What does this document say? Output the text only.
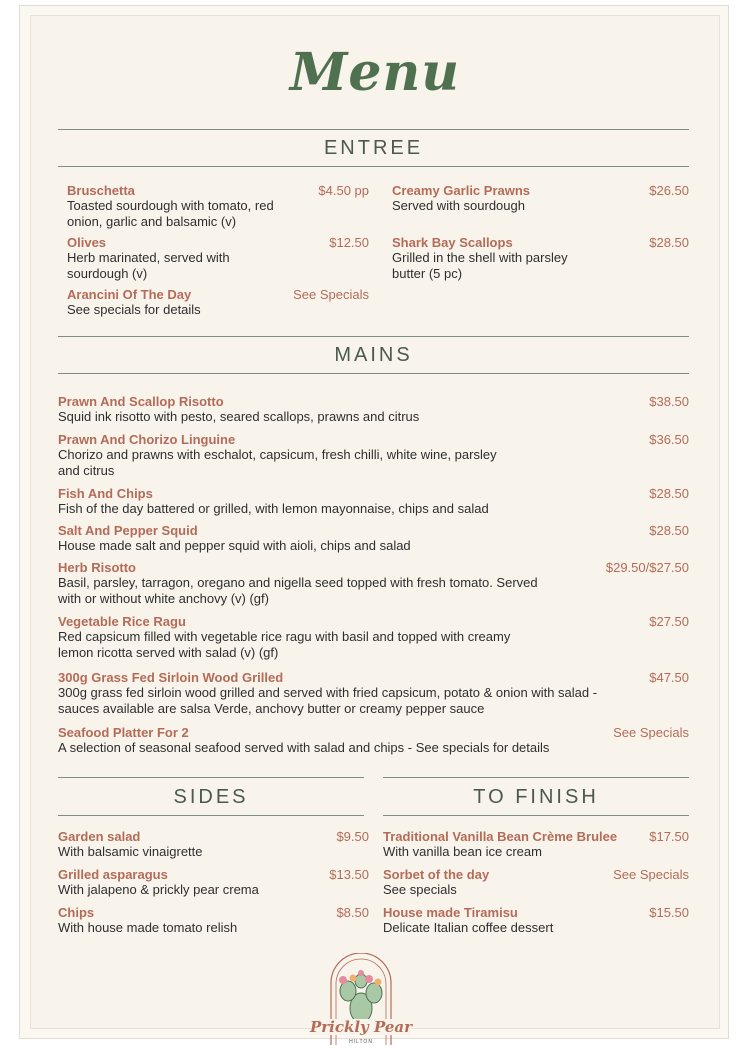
Menu
ENTREE
Bruschetta	$4.50 pp
Toasted sourdough with tomato, red onion, garlic and balsamic (v)
Olives	$12.50
Herb marinated, served with sourdough (v)
Arancini Of The Day	See Specials
See specials for details
Creamy Garlic Prawns	$26.50
Served with sourdough
Shark Bay Scallops	$28.50
Grilled in the shell with parsley butter (5 pc)
MAINS
Prawn And Scallop Risotto	$38.50
Squid ink risotto with pesto, seared scallops, prawns and citrus
Prawn And Chorizo Linguine	$36.50
Chorizo and prawns with eschalot, capsicum, fresh chilli, white wine, parsley and citrus
Fish And Chips	$28.50
Fish of the day battered or grilled, with lemon mayonnaise, chips and salad
Salt And Pepper Squid	$28.50
House made salt and pepper squid with aioli, chips and salad
Herb Risotto	$29.50/$27.50
Basil, parsley, tarragon, oregano and nigella seed topped with fresh tomato. Served with or without white anchovy (v) (gf)
Vegetable Rice Ragu	$27.50
Red capsicum filled with vegetable rice ragu with basil and topped with creamy lemon ricotta served with salad (v) (gf)
300g Grass Fed Sirloin Wood Grilled	$47.50
300g grass fed sirloin wood grilled and served with fried capsicum, potato & onion with salad - sauces available are salsa Verde, anchovy butter or creamy pepper sauce
Seafood Platter For 2	See Specials
A selection of seasonal seafood served with salad and chips - See specials for details
SIDES
Garden salad	$9.50
With balsamic vinaigrette
Grilled asparagus	$13.50
With jalapeno & prickly pear crema
Chips	$8.50
With house made tomato relish
TO FINISH
Traditional Vanilla Bean Crème Brulee	$17.50
With vanilla bean ice cream
Sorbet of the day	See Specials
See specials
House made Tiramisu	$15.50
Delicate Italian coffee dessert
Prickly Pear
HILTON
